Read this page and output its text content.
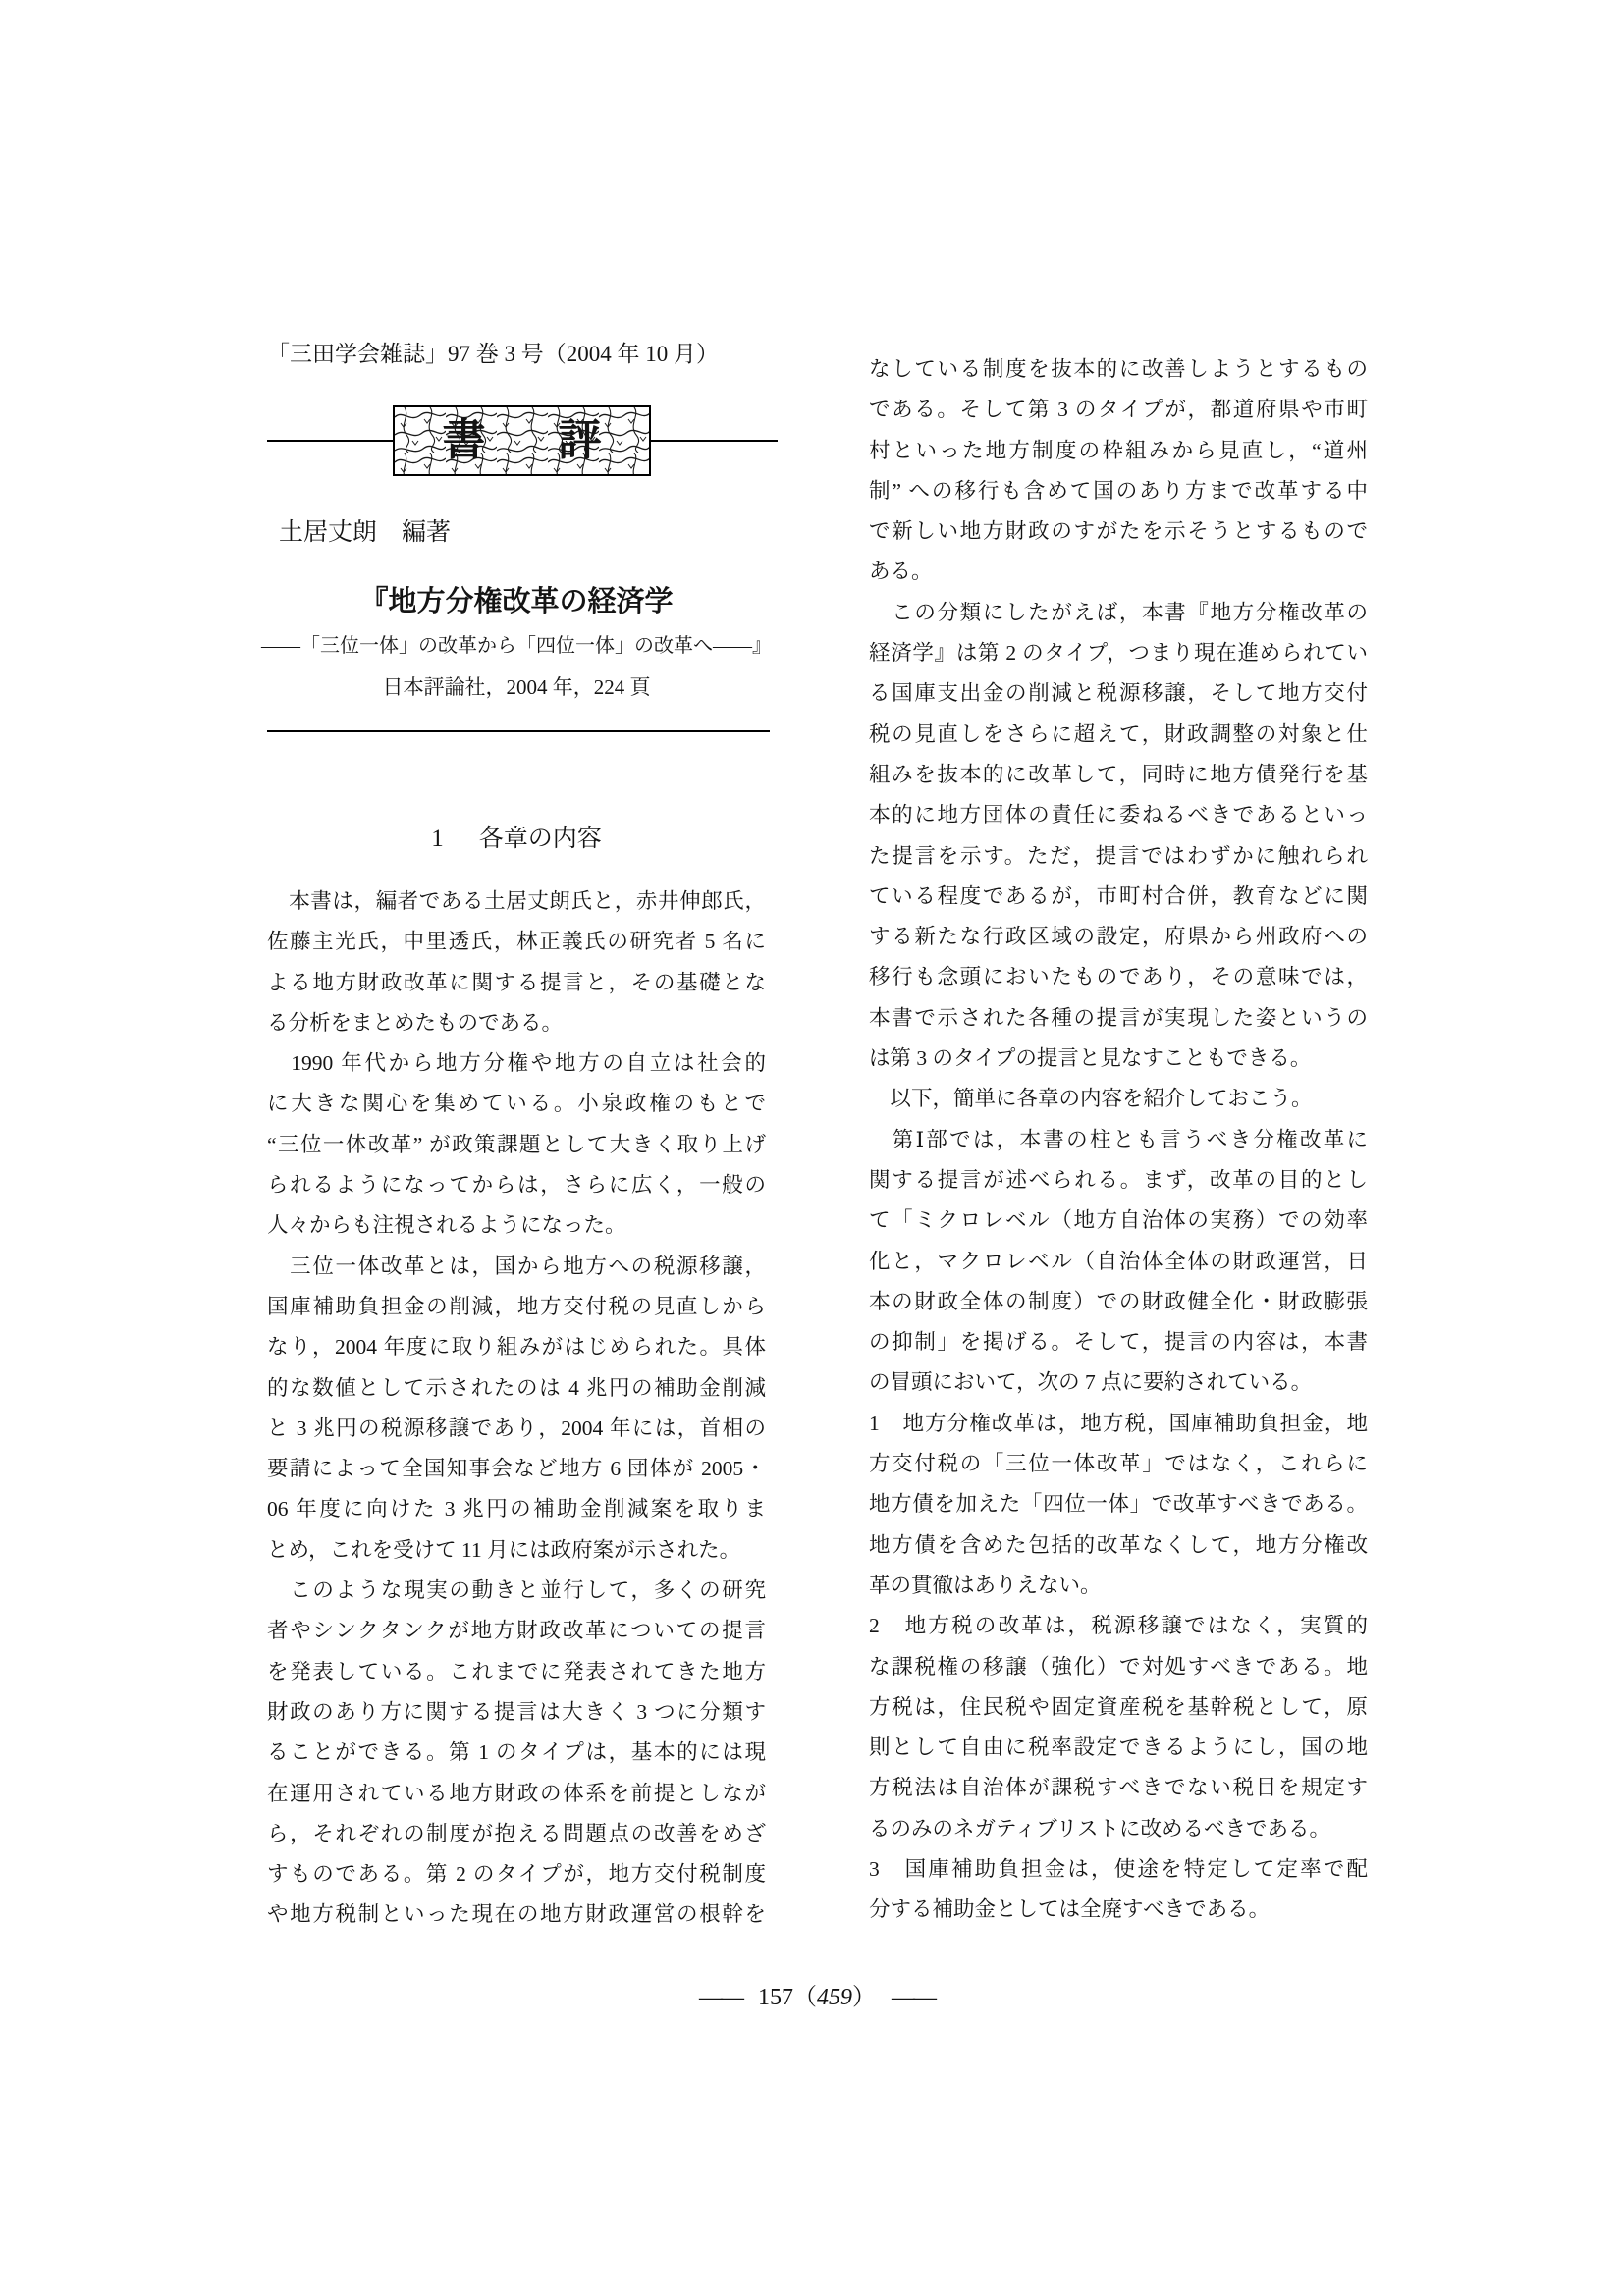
「三田学会雑誌」97 巻 3 号（2004 年 10 月）
書 評
土居丈朗　編著
『地方分権改革の経済学
——「三位一体」の改革から「四位一体」の改革へ——』
日本評論社，2004 年，224 頁
1 各章の内容
　本書は，編者である土居丈朗氏と，赤井伸郎氏，
佐藤主光氏，中里透氏，林正義氏の研究者 5 名に
よる地方財政改革に関する提言と，その基礎とな
る分析をまとめたものである。
　1990 年代から地方分権や地方の自立は社会的
に大きな関心を集めている。小泉政権のもとで
“三位一体改革” が政策課題として大きく取り上げ
られるようになってからは，さらに広く，一般の
人々からも注視されるようになった。
　三位一体改革とは，国から地方への税源移譲，
国庫補助負担金の削減，地方交付税の見直しから
なり，2004 年度に取り組みがはじめられた。具体
的な数値として示されたのは 4 兆円の補助金削減
と 3 兆円の税源移譲であり，2004 年には，首相の
要請によって全国知事会など地方 6 団体が 2005・
06 年度に向けた 3 兆円の補助金削減案を取りま
とめ，これを受けて 11 月には政府案が示された。
　このような現実の動きと並行して，多くの研究
者やシンクタンクが地方財政改革についての提言
を発表している。これまでに発表されてきた地方
財政のあり方に関する提言は大きく 3 つに分類す
ることができる。第 1 のタイプは，基本的には現
在運用されている地方財政の体系を前提としなが
ら，それぞれの制度が抱える問題点の改善をめざ
すものである。第 2 のタイプが，地方交付税制度
や地方税制といった現在の地方財政運営の根幹を
なしている制度を抜本的に改善しようとするもの
である。そして第 3 のタイプが，都道府県や市町
村といった地方制度の枠組みから見直し，“道州
制” への移行も含めて国のあり方まで改革する中
で新しい地方財政のすがたを示そうとするもので
ある。
　この分類にしたがえば，本書『地方分権改革の
経済学』は第 2 のタイプ，つまり現在進められてい
る国庫支出金の削減と税源移譲，そして地方交付
税の見直しをさらに超えて，財政調整の対象と仕
組みを抜本的に改革して，同時に地方債発行を基
本的に地方団体の責任に委ねるべきであるといっ
た提言を示す。ただ，提言ではわずかに触れられ
ている程度であるが，市町村合併，教育などに関
する新たな行政区域の設定，府県から州政府への
移行も念頭においたものであり，その意味では，
本書で示された各種の提言が実現した姿というの
は第 3 のタイプの提言と見なすこともできる。
　以下，簡単に各章の内容を紹介しておこう。
　第Ⅰ部では，本書の柱とも言うべき分権改革に
関する提言が述べられる。まず，改革の目的とし
て「ミクロレベル（地方自治体の実務）での効率
化と，マクロレベル（自治体全体の財政運営，日
本の財政全体の制度）での財政健全化・財政膨張
の抑制」を掲げる。そして，提言の内容は，本書
の冒頭において，次の 7 点に要約されている。
1　地方分権改革は，地方税，国庫補助負担金，地
方交付税の「三位一体改革」ではなく，これらに
地方債を加えた「四位一体」で改革すべきである。
地方債を含めた包括的改革なくして，地方分権改
革の貫徹はありえない。
2　地方税の改革は，税源移譲ではなく，実質的
な課税権の移譲（強化）で対処すべきである。地
方税は，住民税や固定資産税を基幹税として，原
則として自由に税率設定できるようにし，国の地
方税法は自治体が課税すべきでない税目を規定す
るのみのネガティブリストに改めるべきである。
3　国庫補助負担金は，使途を特定して定率で配
分する補助金としては全廃すべきである。
—— 157（459） ——
